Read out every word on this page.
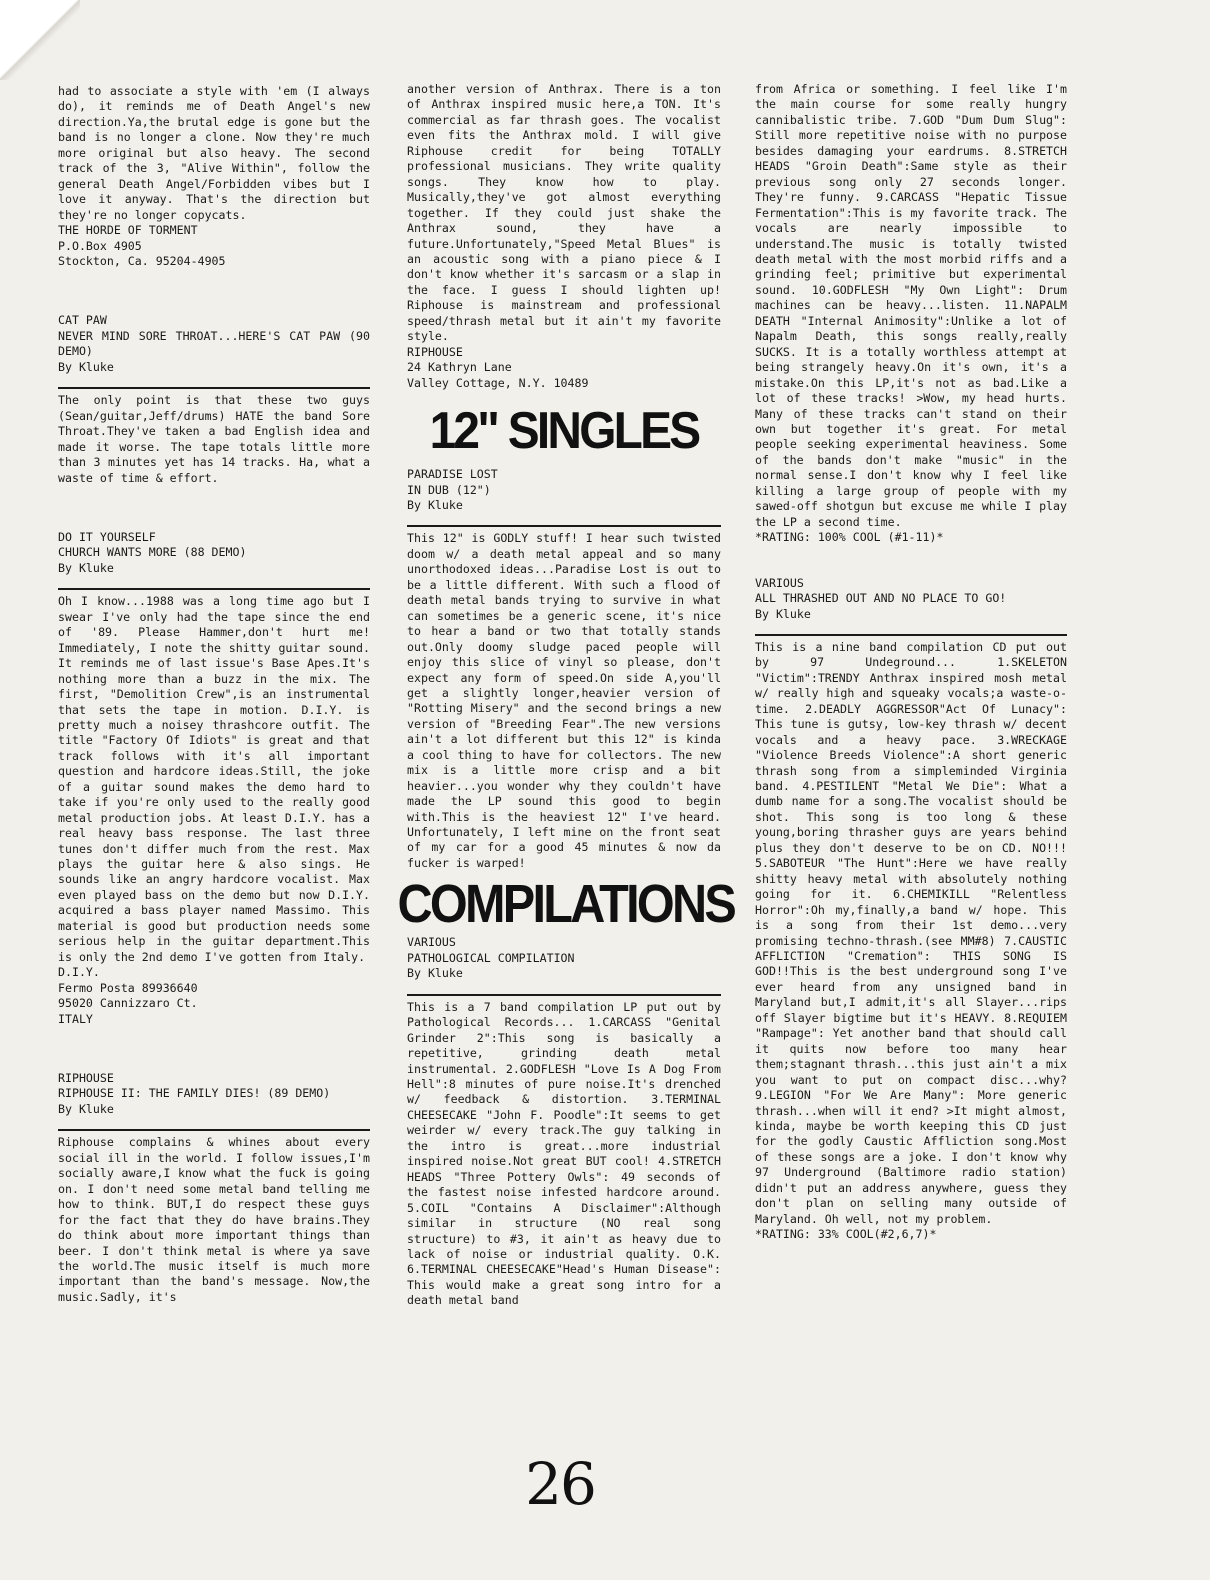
had to associate a style with 'em (I always do), it reminds me of Death Angel's new direction.Ya,the brutal edge is gone but the band is no longer a clone. Now they're much more original but also heavy. The second track of the 3, "Alive Within", follow the general Death Angel/Forbidden vibes but I love it anyway. That's the direction but they're no longer copycats.

THE HORDE OF TORMENT

P.O.Box 4905

Stockton, Ca. 95204-4905

CAT PAW

NEVER MIND SORE THROAT...HERE'S CAT PAW (90 DEMO)

By Kluke

The only point is that these two guys (Sean/guitar,Jeff/drums) HATE the band Sore Throat.They've taken a bad English idea and made it worse. The tape totals little more than 3 minutes yet has 14 tracks. Ha, what a waste of time & effort.

DO IT YOURSELF

CHURCH WANTS MORE (88 DEMO)

By Kluke

Oh I know...1988 was a long time ago but I swear I've only had the tape since the end of '89. Please Hammer,don't hurt me! Immediately, I note the shitty guitar sound. It reminds me of last issue's Base Apes.It's nothing more than a buzz in the mix. The first, "Demolition Crew",is an instrumental that sets the tape in motion. D.I.Y. is pretty much a noisey thrashcore outfit. The title "Factory Of Idiots" is great and that track follows with it's all important question and hardcore ideas.Still, the joke of a guitar sound makes the demo hard to take if you're only used to the really good metal production jobs. At least D.I.Y. has a real heavy bass response. The last three tunes don't differ much from the rest. Max plays the guitar here & also sings. He sounds like an angry hardcore vocalist. Max even played bass on the demo but now D.I.Y. acquired a bass player named Massimo. This material is good but production needs some serious help in the guitar department.This is only the 2nd demo I've gotten from Italy.

D.I.Y.

Fermo Posta 89936640

95020 Cannizzaro Ct.

ITALY

RIPHOUSE

RIPHOUSE II: THE FAMILY DIES! (89 DEMO)

By Kluke

Riphouse complains & whines about every social ill in the world. I follow issues,I'm socially aware,I know what the fuck is going on. I don't need some metal band telling me how to think. BUT,I do respect these guys for the fact that they do have brains.They do think about more important things than beer. I don't think metal is where ya save the world.The music itself is much more important than the band's message. Now,the music.Sadly, it's

another version of Anthrax. There is a ton of Anthrax inspired music here,a TON. It's commercial as far thrash goes. The vocalist even fits the Anthrax mold. I will give Riphouse credit for being TOTALLY professional musicians. They write quality songs. They know how to play. Musically,they've got almost everything together. If they could just shake the Anthrax sound, they have a future.Unfortunately,"Speed Metal Blues" is an acoustic song with a piano piece & I don't know whether it's sarcasm or a slap in the face. I guess I should lighten up! Riphouse is mainstream and professional speed/thrash metal but it ain't my favorite style.

RIPHOUSE

24 Kathryn Lane

Valley Cottage, N.Y. 10489

12" SINGLES

PARADISE LOST

IN DUB (12")

By Kluke

This 12" is GODLY stuff! I hear such twisted doom w/ a death metal appeal and so many unorthodoxed ideas...Paradise Lost is out to be a little different. With such a flood of death metal bands trying to survive in what can sometimes be a generic scene, it's nice to hear a band or two that totally stands out.Only doomy sludge paced people will enjoy this slice of vinyl so please, don't expect any form of speed.On side A,you'll get a slightly longer,heavier version of "Rotting Misery" and the second brings a new version of "Breeding Fear".The new versions ain't a lot different but this 12" is kinda a cool thing to have for collectors. The new mix is a little more crisp and a bit heavier...you wonder why they couldn't have made the LP sound this good to begin with.This is the heaviest 12" I've heard. Unfortunately, I left mine on the front seat of my car for a good 45 minutes & now da fucker is warped!

COMPILATIONS

VARIOUS

PATHOLOGICAL COMPILATION

By Kluke

This is a 7 band compilation LP put out by Pathological Records... 1.CARCASS "Genital Grinder 2":This song is basically a repetitive, grinding death metal instrumental. 2.GODFLESH "Love Is A Dog From Hell":8 minutes of pure noise.It's drenched w/ feedback & distortion. 3.TERMINAL CHEESECAKE "John F. Poodle":It seems to get weirder w/ every track.The guy talking in the intro is great...more industrial inspired noise.Not great BUT cool! 4.STRETCH HEADS "Three Pottery Owls": 49 seconds of the fastest noise infested hardcore around. 5.COIL "Contains A Disclaimer":Although similar in structure (NO real song structure) to #3, it ain't as heavy due to lack of noise or industrial quality. O.K. 6.TERMINAL CHEESECAKE"Head's Human Disease": This would make a great song intro for a death metal band

from Africa or something. I feel like I'm the main course for some really hungry cannibalistic tribe. 7.GOD "Dum Dum Slug": Still more repetitive noise with no purpose besides damaging your eardrums. 8.STRETCH HEADS "Groin Death":Same style as their previous song only 27 seconds longer. They're funny. 9.CARCASS "Hepatic Tissue Fermentation":This is my favorite track. The vocals are nearly impossible to understand.The music is totally twisted death metal with the most morbid riffs and a grinding feel; primitive but experimental sound. 10.GODFLESH "My Own Light": Drum machines can be heavy...listen. 11.NAPALM DEATH "Internal Animosity":Unlike a lot of Napalm Death, this songs really,really SUCKS. It is a totally worthless attempt at being strangely heavy.On it's own, it's a mistake.On this LP,it's not as bad.Like a lot of these tracks! >Wow, my head hurts. Many of these tracks can't stand on their own but together it's great. For metal people seeking experimental heaviness. Some of the bands don't make "music" in the normal sense.I don't know why I feel like killing a large group of people with my sawed-off shotgun but excuse me while I play the LP a second time.

*RATING: 100% COOL (#1-11)*

VARIOUS

ALL THRASHED OUT AND NO PLACE TO GO!

By Kluke

This is a nine band compilation CD put out by 97 Undeground... 1.SKELETON "Victim":TRENDY Anthrax inspired mosh metal w/ really high and squeaky vocals;a waste-o-time. 2.DEADLY AGGRESSOR"Act Of Lunacy": This tune is gutsy, low-key thrash w/ decent vocals and a heavy pace. 3.WRECKAGE "Violence Breeds Violence":A short generic thrash song from a simpleminded Virginia band. 4.PESTILENT "Metal We Die": What a dumb name for a song.The vocalist should be shot. This song is too long & these young,boring thrasher guys are years behind plus they don't deserve to be on CD. NO!!! 5.SABOTEUR "The Hunt":Here we have really shitty heavy metal with absolutely nothing going for it. 6.CHEMIKILL "Relentless Horror":Oh my,finally,a band w/ hope. This is a song from their 1st demo...very promising techno-thrash.(see MM#8) 7.CAUSTIC AFFLICTION "Cremation": THIS SONG IS GOD!!This is the best underground song I've ever heard from any unsigned band in Maryland but,I admit,it's all Slayer...rips off Slayer bigtime but it's HEAVY. 8.REQUIEM "Rampage": Yet another band that should call it quits now before too many hear them;stagnant thrash...this just ain't a mix you want to put on compact disc...why? 9.LEGION "For We Are Many": More generic thrash...when will it end? >It might almost, kinda, maybe be worth keeping this CD just for the godly Caustic Affliction song.Most of these songs are a joke. I don't know why 97 Underground (Baltimore radio station) didn't put an address anywhere, guess they don't plan on selling many outside of Maryland. Oh well, not my problem.

*RATING: 33% COOL(#2,6,7)*

26
